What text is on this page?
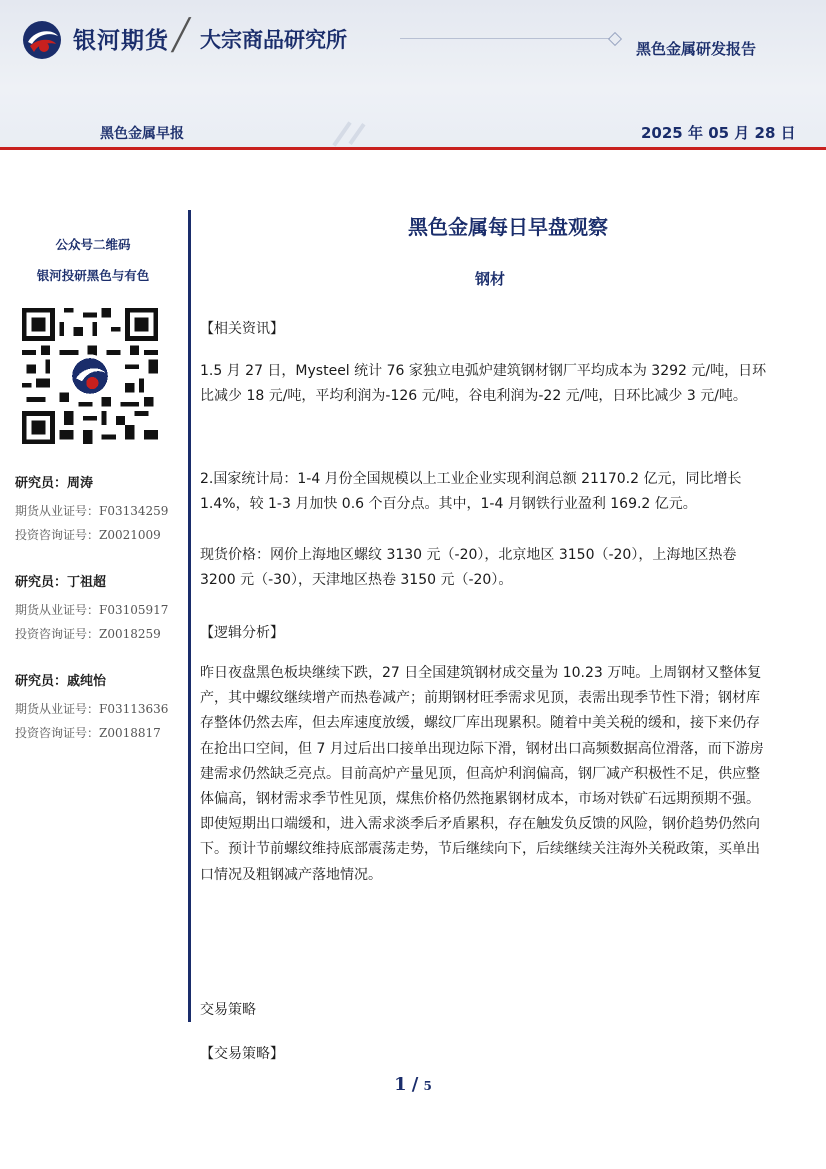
银河期货 ╱ 大宗商品研究所	黑色金属研发报告
黑色金属早报	2025 年 05 月 28 日
公众号二维码
银河投研黑色与有色
研究员：周涛
期货从业证号：F03134259
投资咨询证号：Z0021009
研究员：丁祖超
期货从业证号：F03105917
投资咨询证号：Z0018259
研究员：戚纯怡
期货从业证号：F03113636
投资咨询证号：Z0018817
黑色金属每日早盘观察
钢材
【相关资讯】
1.5 月 27 日，Mysteel 统计 76 家独立电弧炉建筑钢材钢厂平均成本为 3292 元/吨，日环比减少 18 元/吨，平均利润为-126 元/吨，谷电利润为-22 元/吨，日环比减少 3 元/吨。
2.国家统计局：1-4 月份全国规模以上工业企业实现利润总额 21170.2 亿元，同比增长 1.4%，较 1-3 月加快 0.6 个百分点。其中，1-4 月钢铁行业盈利 169.2 亿元。
现货价格：网价上海地区螺纹 3130 元（-20），北京地区 3150（-20），上海地区热卷 3200 元（-30），天津地区热卷 3150 元（-20）。
【逻辑分析】
昨日夜盘黑色板块继续下跌，27 日全国建筑钢材成交量为 10.23 万吨。上周钢材又整体复产，其中螺纹继续增产而热卷减产；前期钢材旺季需求见顶，表需出现季节性下滑；钢材库存整体仍然去库，但去库速度放缓，螺纹厂库出现累积。随着中美关税的缓和，接下来仍存在抢出口空间，但 7 月过后出口接单出现边际下滑，钢材出口高频数据高位滑落，而下游房建需求仍然缺乏亮点。目前高炉产量见顶，但高炉利润偏高，钢厂减产积极性不足，供应整体偏高，钢材需求季节性见顶，煤焦价格仍然拖累钢材成本，市场对铁矿石远期预期不强。即使短期出口端缓和，进入需求淡季后矛盾累积，存在触发负反馈的风险，钢价趋势仍然向下。预计节前螺纹维持底部震荡走势，节后继续向下，后续继续关注海外关税政策，买单出口情况及粗钢减产落地情况。
交易策略
【交易策略】
1 / 5
